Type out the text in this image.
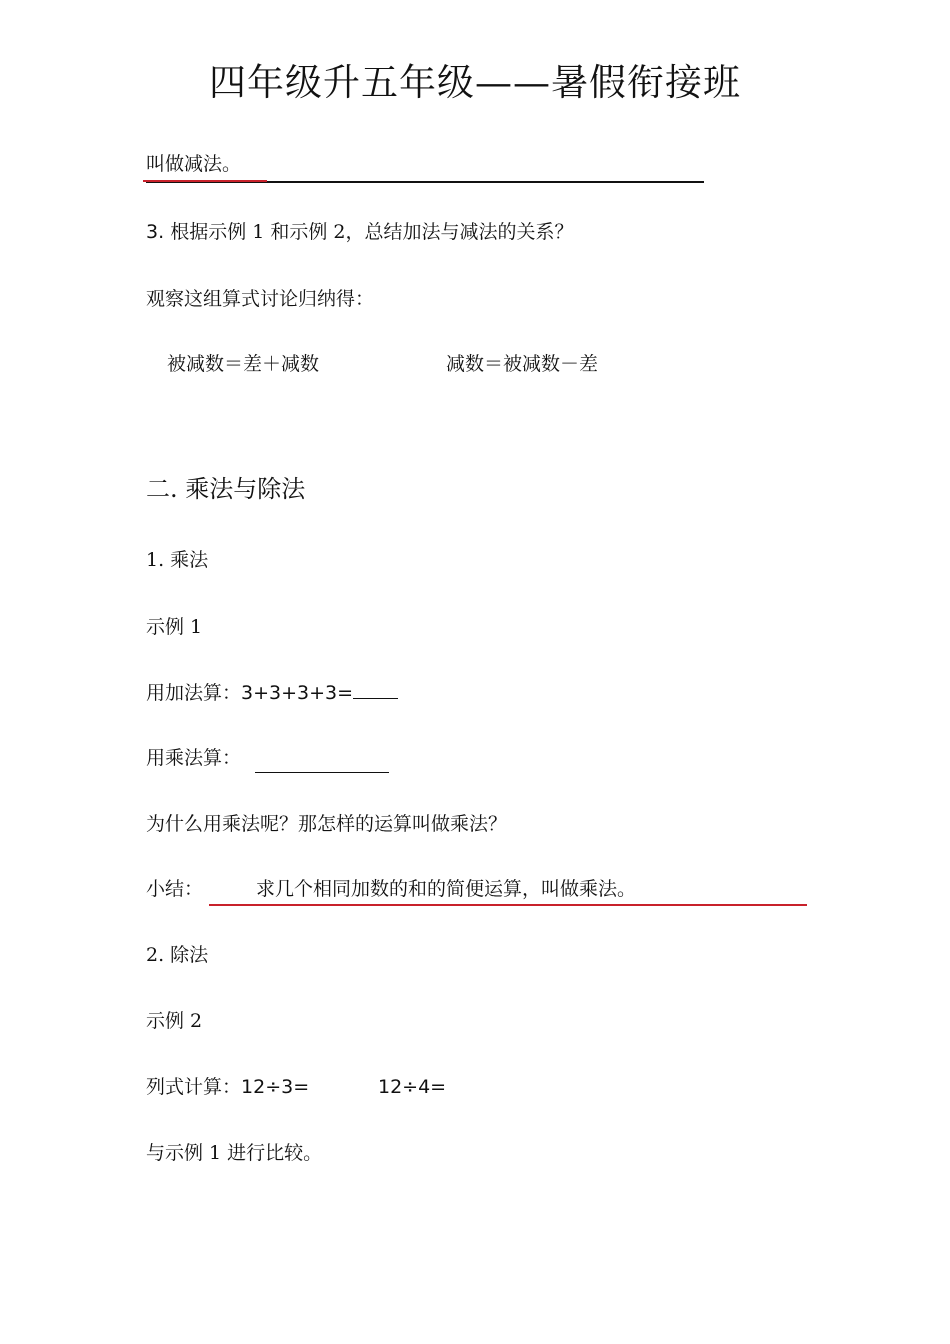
四年级升五年级——暑假衔接班
叫做减法。
3. 根据示例 1 和示例 2，总结加法与减法的关系？
观察这组算式讨论归纳得：
被减数＝差＋减数	减数＝被减数－差
二. 乘法与除法
1. 乘法
示例 1
用加法算：3+3+3+3=
用乘法算：
为什么用乘法呢？那怎样的运算叫做乘法？
小结：	求几个相同加数的和的简便运算，叫做乘法。
2. 除法
示例 2
列式计算：12÷3=	12÷4=
与示例 1 进行比较。
